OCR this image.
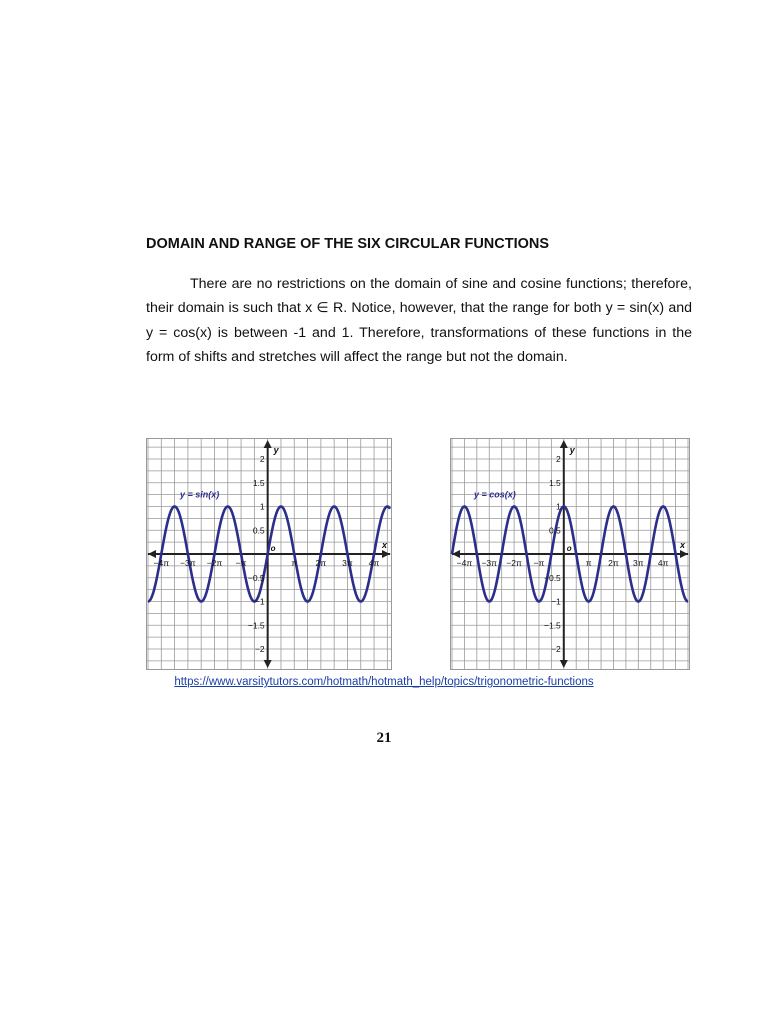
DOMAIN AND RANGE OF THE SIX CIRCULAR FUNCTIONS

There are no restrictions on the domain of sine and cosine functions; therefore, their domain is such that x ∈ R. Notice, however, that the range for both y = sin(x) and y = cos(x) is between -1 and 1. Therefore, transformations of these functions in the form of shifts and stretches will affect the range but not the domain.

−4π −3π −2π −π	π 2π 3π 4π
2
1.5
1
0.5
−0.5
−1
−1.5
−2
y
x
o
y = sin(x)
−4π −3π −2π −π	π 2π 3π 4π
2
1.5
1
0.5
−0.5
−1
−1.5
−2
y
x
o
y = cos(x)
https://www.varsitytutors.com/hotmath/hotmath_help/topics/trigonometric-functions
21
